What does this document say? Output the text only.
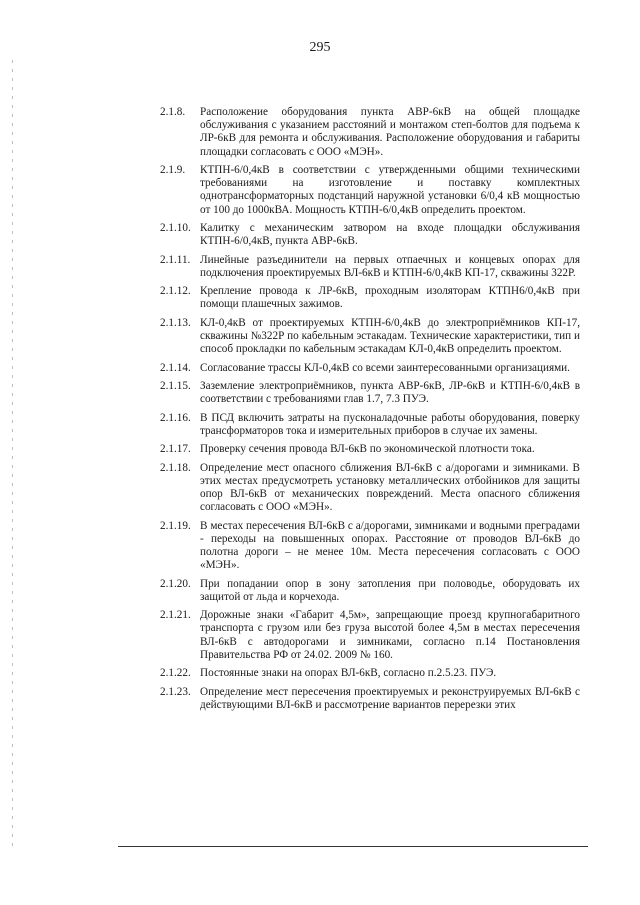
295
2.1.8.	Расположение оборудования пункта АВР-6кВ на общей площадке обслуживания с указанием расстояний и монтажом степ-болтов для подъема к ЛР-6кВ для ремонта и обслуживания. Расположение оборудования и габариты площадки согласовать с ООО «МЭН».
2.1.9.	КТПН-6/0,4кВ в соответствии с утвержденными общими техническими требованиями на изготовление и поставку комплектных однотрансформаторных подстанций наружной установки 6/0,4 кВ мощностью от 100 до 1000кВА. Мощность КТПН-6/0,4кВ определить проектом.
2.1.10. Калитку с механическим затвором на входе площадки обслуживания КТПН-6/0,4кВ, пункта АВР-6кВ.
2.1.11. Линейные разъединители на первых отпаечных и концевых опорах для подключения проектируемых ВЛ-6кВ и КТПН-6/0,4кВ КП-17, скважины 322Р.
2.1.12. Крепление провода к ЛР-6кВ, проходным изоляторам КТПН6/0,4кВ при помощи плашечных зажимов.
2.1.13. КЛ-0,4кВ от проектируемых КТПН-6/0,4кВ до электроприёмников КП-17, скважины №322Р по кабельным эстакадам. Технические характеристики, тип и способ прокладки по кабельным эстакадам КЛ-0,4кВ определить проектом.
2.1.14. Согласование трассы КЛ-0,4кВ со всеми заинтересованными организациями.
2.1.15. Заземление электроприёмников, пункта АВР-6кВ, ЛР-6кВ и КТПН-6/0,4кВ в соответствии с требованиями глав 1.7, 7.3 ПУЭ.
2.1.16. В ПСД включить затраты на пусконаладочные работы оборудования, поверку трансформаторов тока и измерительных приборов в случае их замены.
2.1.17. Проверку сечения провода ВЛ-6кВ по экономической плотности тока.
2.1.18. Определение мест опасного сближения ВЛ-6кВ с а/дорогами и зимниками. В этих местах предусмотреть установку металлических отбойников для защиты опор ВЛ-6кВ от механических повреждений. Места опасного сближения согласовать с ООО «МЭН».
2.1.19. В местах пересечения ВЛ-6кВ с а/дорогами, зимниками и водными преградами - переходы на повышенных опорах. Расстояние от проводов ВЛ-6кВ до полотна дороги – не менее 10м. Места пересечения согласовать с ООО «МЭН».
2.1.20. При попадании опор в зону затопления при половодье, оборудовать их защитой от льда и корчехода.
2.1.21. Дорожные знаки «Габарит 4,5м», запрещающие проезд крупногабаритного транспорта с грузом или без груза высотой более 4,5м в местах пересечения ВЛ-6кВ с автодорогами и зимниками, согласно п.14 Постановления Правительства РФ от 24.02. 2009 № 160.
2.1.22. Постоянные знаки на опорах ВЛ-6кВ, согласно п.2.5.23. ПУЭ.
2.1.23. Определение мест пересечения проектируемых и реконструируемых ВЛ-6кВ с действующими ВЛ-6кВ и рассмотрение вариантов перерезки этих
